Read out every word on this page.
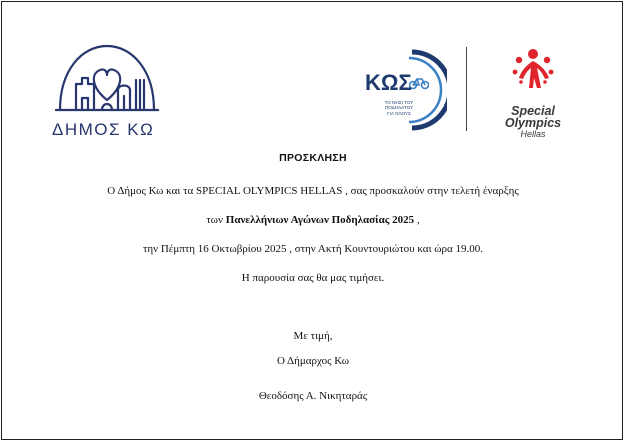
ΔΗΜΟΣ ΚΩ
ΚΩΣ
ΤΟ ΝΗΣΙ ΤΟΥ
ΠΟΔΗΛΑΤΟΥ
ΓΙΑ ΟΛΟΥΣ	Special
Olympics
Hellas
ΠΡΟΣΚΛΗΣΗ
Ο Δήμος Κω και τα SPECIAL OLYMPICS HELLAS , σας προσκαλούν στην τελετή έναρξης
των Πανελλήνιων Αγώνων Ποδηλασίας 2025 ,
την Πέμπτη 16 Οκτωβρίου 2025 , στην Ακτή Κουντουριώτου και ώρα 19.00.
Η παρουσία σας θα μας τιμήσει.
Με τιμή,
Ο Δήμαρχος Κω
Θεοδόσης Α. Νικηταράς
